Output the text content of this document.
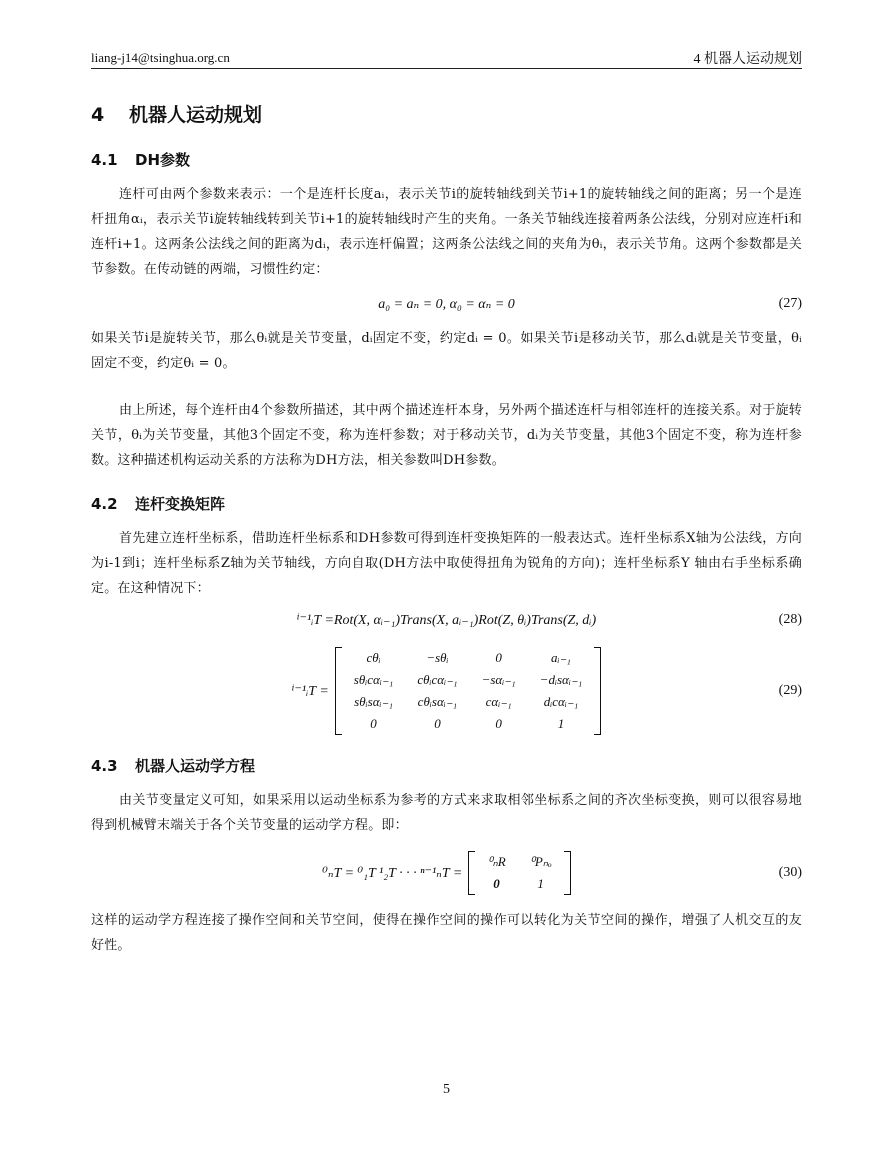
liang-j14@tsinghua.org.cn	4 机器人运动规划
4 机器人运动规划
4.1 DH参数

连杆可由两个参数来表示：一个是连杆长度aᵢ，表示关节i的旋转轴线到关节i+1的旋转轴线之间的距离；另一个是连杆扭角αᵢ，表示关节i旋转轴线转到关节i+1的旋转轴线时产生的夹角。一条关节轴线连接着两条公法线，分别对应连杆i和连杆i+1。这两条公法线之间的距离为dᵢ，表示连杆偏置；这两条公法线之间的夹角为θᵢ，表示关节角。这两个参数都是关节参数。在传动链的两端，习惯性约定：

a₀ = aₙ = 0, α₀ = αₙ = 0	(27)

如果关节i是旋转关节，那么θᵢ就是关节变量，dᵢ固定不变，约定dᵢ = 0。如果关节i是移动关节，那么dᵢ就是关节变量，θᵢ固定不变，约定θᵢ = 0。

由上所述，每个连杆由4个参数所描述，其中两个描述连杆本身，另外两个描述连杆与相邻连杆的连接关系。对于旋转关节，θᵢ为关节变量，其他3个固定不变，称为连杆参数；对于移动关节，dᵢ为关节变量，其他3个固定不变，称为连杆参数。这种描述机构运动关系的方法称为DH方法，相关参数叫DH参数。

4.2 连杆变换矩阵

首先建立连杆坐标系，借助连杆坐标系和DH参数可得到连杆变换矩阵的一般表达式。连杆坐标系X轴为公法线，方向为i-1到i；连杆坐标系Z轴为关节轴线，方向自取(DH方法中取使得扭角为锐角的方向)；连杆坐标系Y 轴由右手坐标系确定。在这种情况下：

ⁱ⁻¹ᵢT = Rot(X, αᵢ₋₁)Trans(X, aᵢ₋₁)Rot(Z, θᵢ)Trans(Z, dᵢ)	(28)
ⁱ⁻¹ᵢT =
cθᵢ	−sθᵢ	0	aᵢ₋₁
sθᵢcαᵢ₋₁	cθᵢcαᵢ₋₁	−sαᵢ₋₁	−dᵢsαᵢ₋₁
sθᵢsαᵢ₋₁	cθᵢsαᵢ₋₁	cαᵢ₋₁	dᵢcαᵢ₋₁
0	0	0	1
(29)
4.3 机器人运动学方程

由关节变量定义可知，如果采用以运动坐标系为参考的方式来求取相邻坐标系之间的齐次坐标变换，则可以很容易地得到机械臂末端关于各个关节变量的运动学方程。即：

⁰ₙT = ⁰₁T ¹₂T · · · ⁿ⁻¹ₙT =
⁰ₙR	⁰Pₙₒ
0	1
(30)

这样的运动学方程连接了操作空间和关节空间，使得在操作空间的操作可以转化为关节空间的操作，增强了人机交互的友好性。

5
